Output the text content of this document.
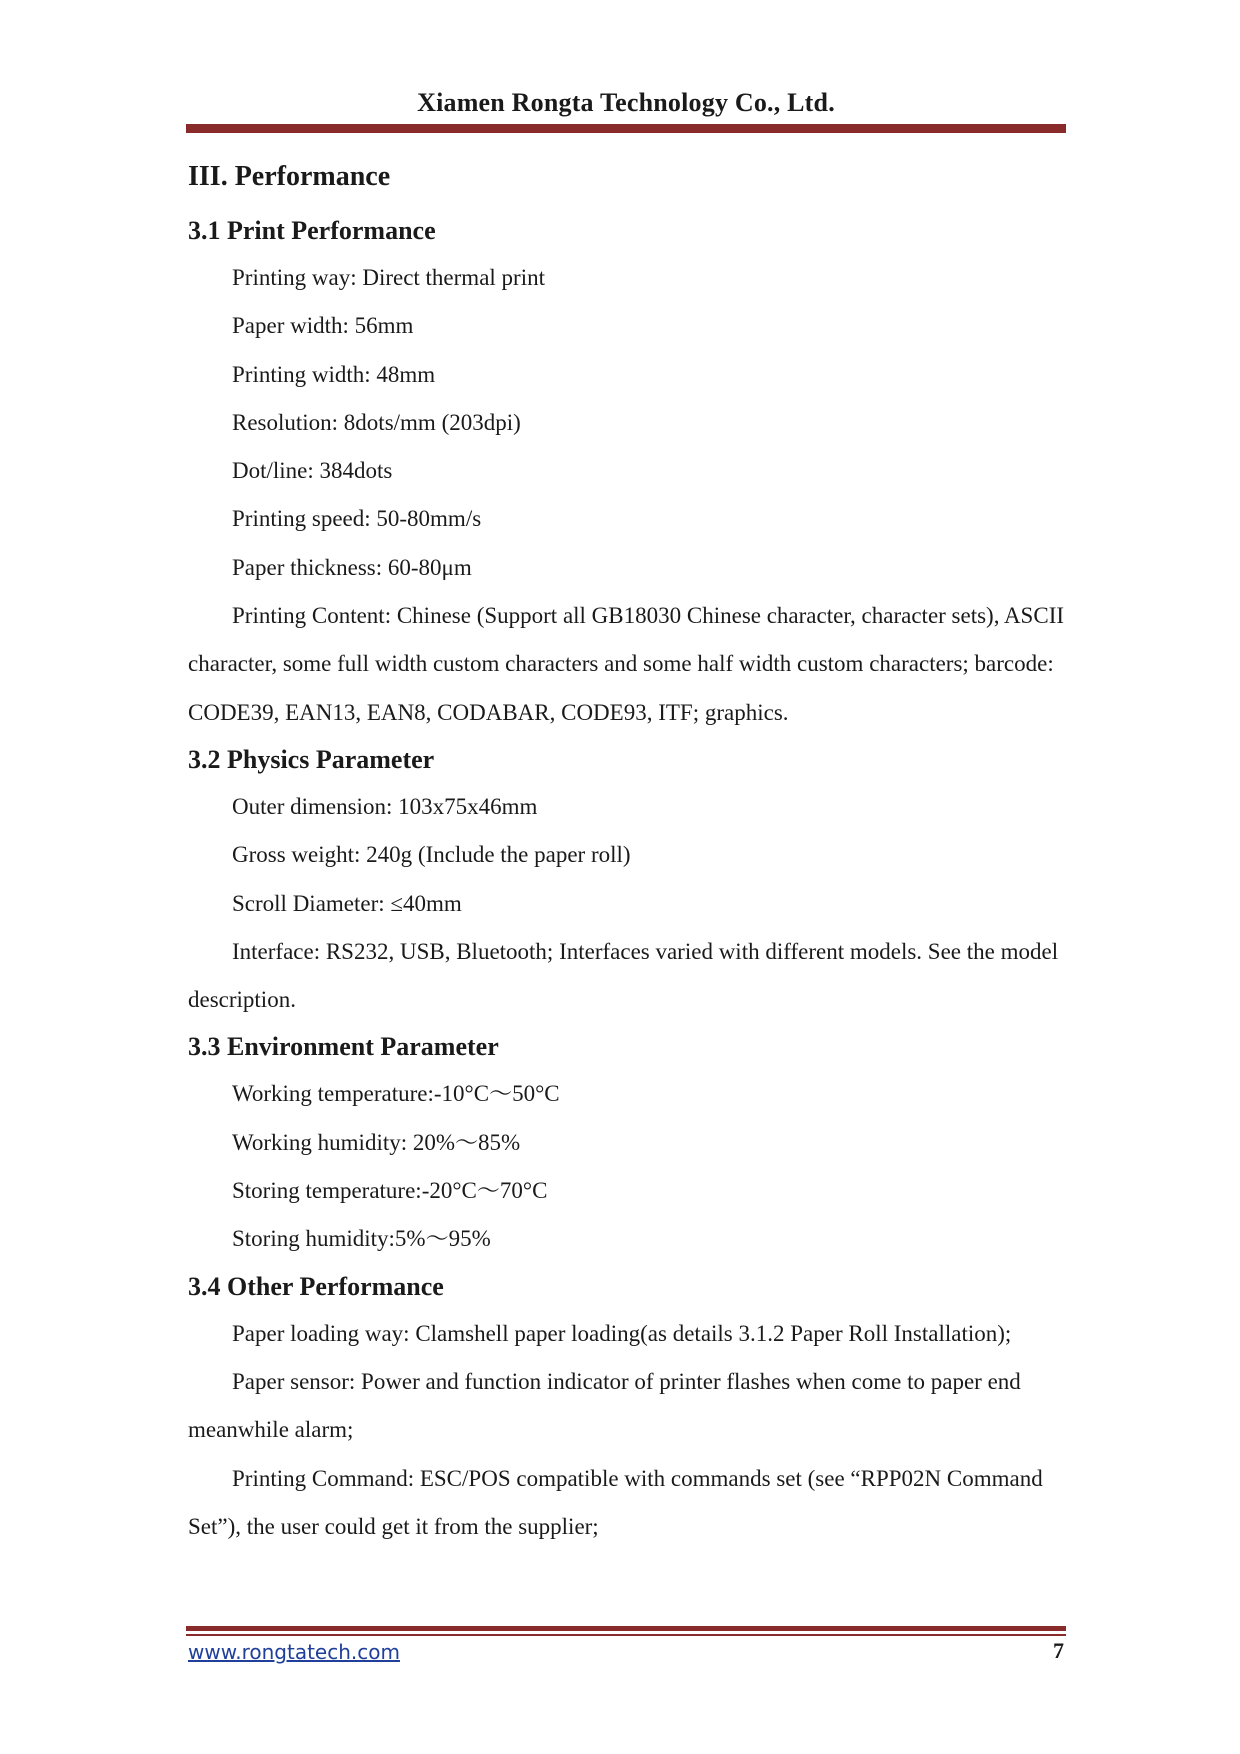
Xiamen Rongta Technology Co., Ltd.
III. Performance
3.1 Print Performance

Printing way: Direct thermal print

Paper width: 56mm

Printing width: 48mm

Resolution: 8dots/mm (203dpi)

Dot/line: 384dots

Printing speed: 50-80mm/s

Paper thickness: 60-80μm

Printing Content: Chinese (Support all GB18030 Chinese character, character sets), ASCII character, some full width custom characters and some half width custom characters; barcode: CODE39, EAN13, EAN8, CODABAR, CODE93, ITF; graphics.

3.2 Physics Parameter

Outer dimension: 103x75x46mm

Gross weight: 240g (Include the paper roll)

Scroll Diameter: ≤40mm

Interface: RS232, USB, Bluetooth; Interfaces varied with different models. See the model description.

3.3 Environment Parameter

Working temperature:-10°C～50°C

Working humidity: 20%～85%

Storing temperature:-20°C～70°C

Storing humidity:5%～95%

3.4 Other Performance

Paper loading way: Clamshell paper loading(as details 3.1.2 Paper Roll Installation);

Paper sensor: Power and function indicator of printer flashes when come to paper end meanwhile alarm;

Printing Command: ESC/POS compatible with commands set (see “RPP02N Command Set”), the user could get it from the supplier;

www.rongtatech.com	7
